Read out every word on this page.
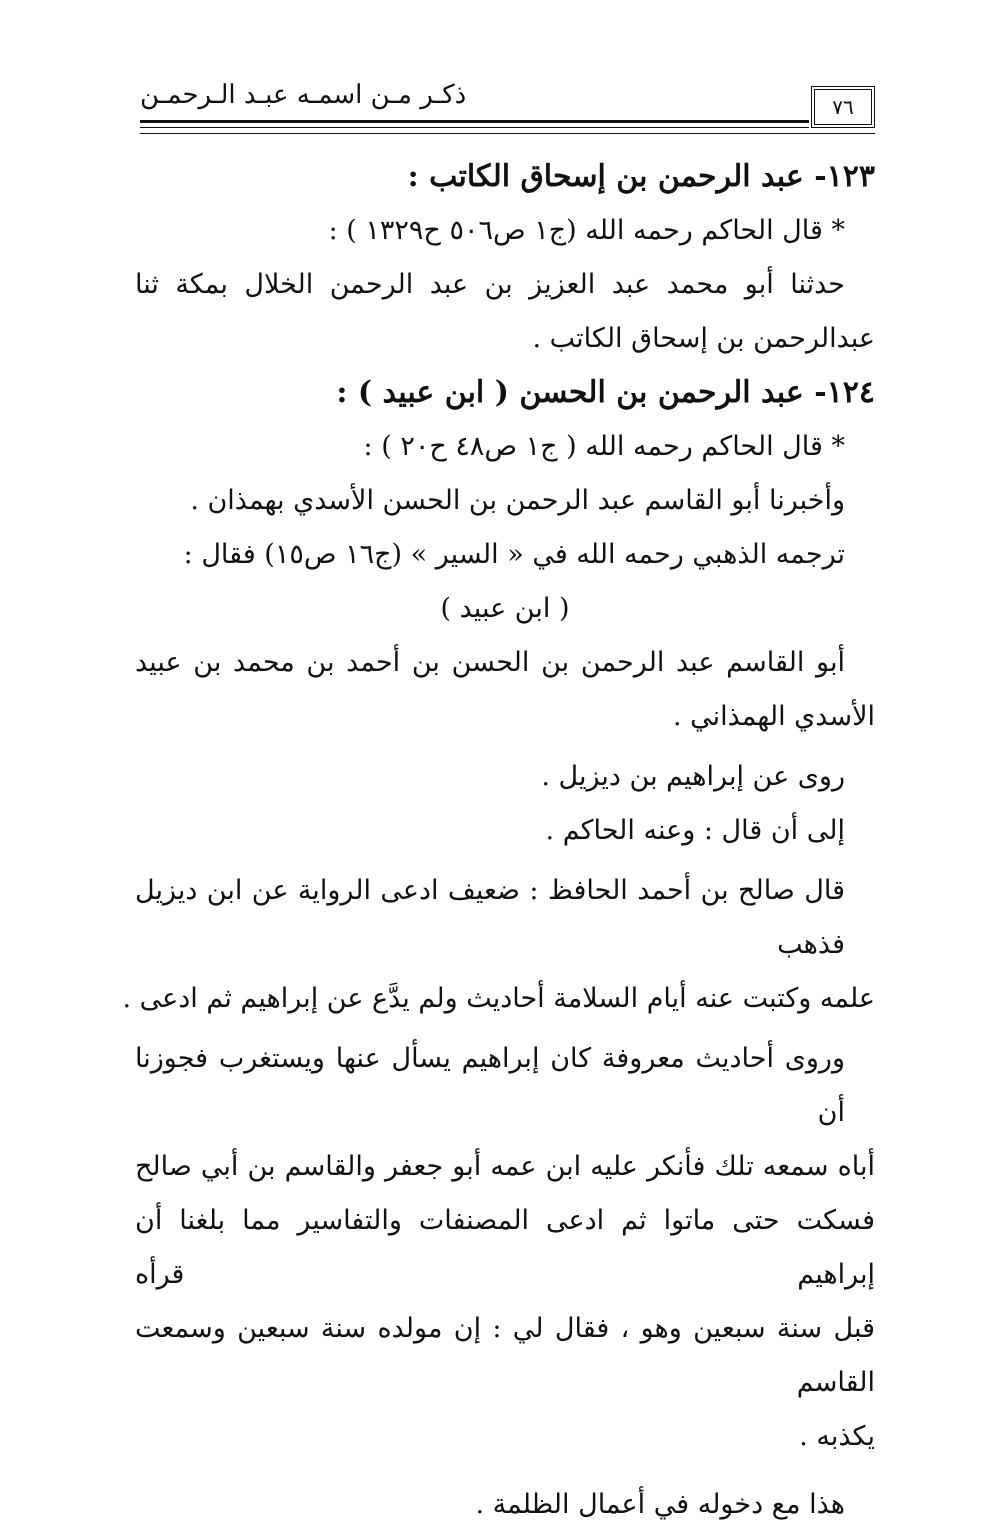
ذكـر مـن اسمـه عبـد الـرحمـن	٧٦
١٢٣- عبد الرحمن بن إسحاق الكاتب :
* قال الحاكم رحمه الله (ج١ ص٥٠٦ ح١٣٢٩ ) :
حدثنا أبو محمد عبد العزيز بن عبد الرحمن الخلال بمكة ثنا
عبدالرحمن بن إسحاق الكاتب .
١٢٤- عبد الرحمن بن الحسن ( ابن عبيد ) :
* قال الحاكم رحمه الله ( ج١ ص٤٨ ح٢٠ ) :
وأخبرنا أبو القاسم عبد الرحمن بن الحسن الأسدي بهمذان .
ترجمه الذهبي رحمه الله في « السير » (ج١٦ ص١٥) فقال :
( ابن عبيد )
أبو القاسم عبد الرحمن بن الحسن بن أحمد بن محمد بن عبيد
الأسدي الهمذاني .
روى عن إبراهيم بن ديزيل .
إلى أن قال : وعنه الحاكم .
قال صالح بن أحمد الحافظ : ضعيف ادعى الرواية عن ابن ديزيل فذهب
علمه وكتبت عنه أيام السلامة أحاديث ولم يدَّع عن إبراهيم ثم ادعى .
وروى أحاديث معروفة كان إبراهيم يسأل عنها ويستغرب فجوزنا أن
أباه سمعه تلك فأنكر عليه ابن عمه أبو جعفر والقاسم بن أبي صالح
فسكت حتى ماتوا ثم ادعى المصنفات والتفاسير مما بلغنا أن إبراهيم قرأه
قبل سنة سبعين وهو ، فقال لي : إن مولده سنة سبعين وسمعت القاسم
يكذبه .
هذا مع دخوله في أعمال الظلمة .
